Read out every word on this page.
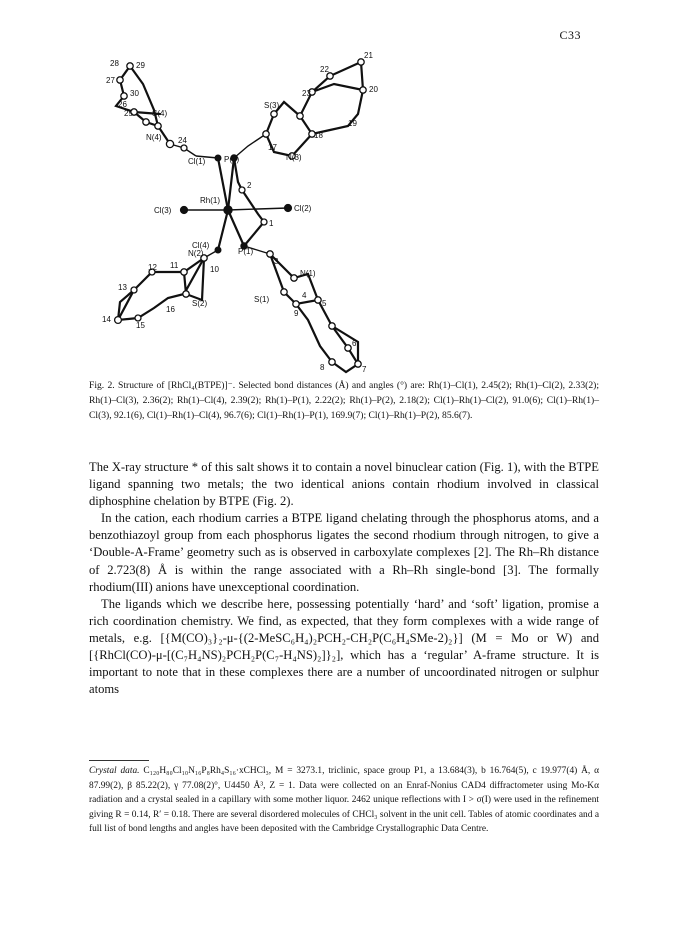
C33
28 29
27
30
26
25 S(4)
N(4) 24
21
22
20
23
S(3)
19
18
17
N(3)
Cl(1) P(2)
2
Rh(1)
Cl(3)	Cl(2)
1
Cl(4)
N(2)	P(1)
12 11	10
3
N(1)
13
S(2)
16
S(1)	4
5
14
15
9
6
8	7
Fig. 2. Structure of [RhCl₄(BTPE)]⁻. Selected bond distances (Å) and angles (°) are: Rh(1)–Cl(1), 2.45(2); Rh(1)–Cl(2), 2.33(2); Rh(1)–Cl(3), 2.36(2); Rh(1)–Cl(4), 2.39(2); Rh(1)–P(1), 2.22(2); Rh(1)–P(2), 2.18(2); Cl(1)–Rh(1)–Cl(2), 91.0(6); Cl(1)–Rh(1)–Cl(3), 92.1(6), Cl(1)–Rh(1)–Cl(4), 96.7(6); Cl(1)–Rh(1)–P(1), 169.9(7); Cl(1)–Rh(1)–P(2), 85.6(7).

The X-ray structure * of this salt shows it to contain a novel binuclear cation (Fig. 1), with the BTPE ligand spanning two metals; the two identical anions contain rhodium involved in classical diphosphine chelation by BTPE (Fig. 2).

In the cation, each rhodium carries a BTPE ligand chelating through the phosphorus atoms, and a benzothiazoyl group from each phosphorus ligates the second rhodium through nitrogen, to give a ‘Double-A-Frame’ geometry such as is observed in carboxylate complexes [2]. The Rh–Rh distance of 2.723(8) Å is within the range associated with a Rh–Rh single-bond [3]. The formally rhodium(III) anions have unexceptional coordination.

The ligands which we describe here, possessing potentially ‘hard’ and ‘soft’ ligation, promise a rich coordination chemistry. We find, as expected, that they form complexes with a wide range of metals, e.g. [{M(CO)₃}₂-μ-{(2-MeSC₆H₄)₂PCH₂-CH₂P(C₆H₄SMe-2)₂}] (M = Mo or W) and [{RhCl(CO)-μ-[(C₇H₄NS)₂PCH₂P(C₇-H₄NS)₂]}₂], which has a ‘regular’ A-frame structure. It is important to note that in these complexes there are a number of uncoordinated nitrogen or sulphur atoms

Crystal data. C₁₂₀H₈₀Cl₁₀N₁₆P₈Rh₄S₁₆·xCHCl₃, M = 3273.1, triclinic, space group P1, a 13.684(3), b 16.764(5), c 19.977(4) Å, α 87.99(2), β 85.22(2), γ 77.08(2)°, U4450 Å³, Z = 1. Data were collected on an Enraf-Nonius CAD4 diffractometer using Mo-Kα radiation and a crystal sealed in a capillary with some mother liquor. 2462 unique reflections with I > σ(I) were used in the refinement giving R = 0.14, R′ = 0.18. There are several disordered molecules of CHCl₃ solvent in the unit cell. Tables of atomic coordinates and a full list of bond lengths and angles have been deposited with the Cambridge Crystallographic Data Centre.
